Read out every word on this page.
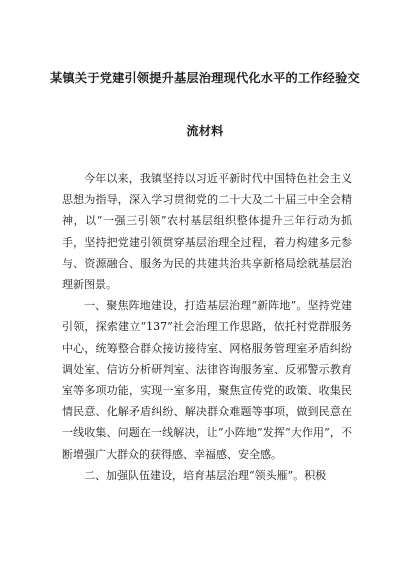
某镇关于党建引领提升基层治理现代化水平的工作经验交
流材料

今年以来，我镇坚持以习近平新时代中国特色社会主义思想为指导，深入学习贯彻党的二十大及二十届三中全会精神，以“一强三引领”农村基层组织整体提升三年行动为抓手，坚持把党建引领贯穿基层治理全过程，着力构建多元参与、资源融合、服务为民的共建共治共享新格局绘就基层治理新图景。

一、聚焦阵地建设，打造基层治理“新阵地”。坚持党建引领，探索建立“137”社会治理工作思路，依托村党群服务中心，统筹整合群众接访接待室、网格服务管理室矛盾纠纷调处室、信访分析研判室、法律咨询服务室、反邪警示教育室等多项功能，实现一室多用，聚焦宣传党的政策、收集民情民意、化解矛盾纠纷、解决群众难题等事项，做到民意在一线收集、问题在一线解决，让“小阵地”发挥“大作用”，不断增强广大群众的获得感、幸福感、安全感。

二、加强队伍建设，培育基层治理“领头雁”。积极
